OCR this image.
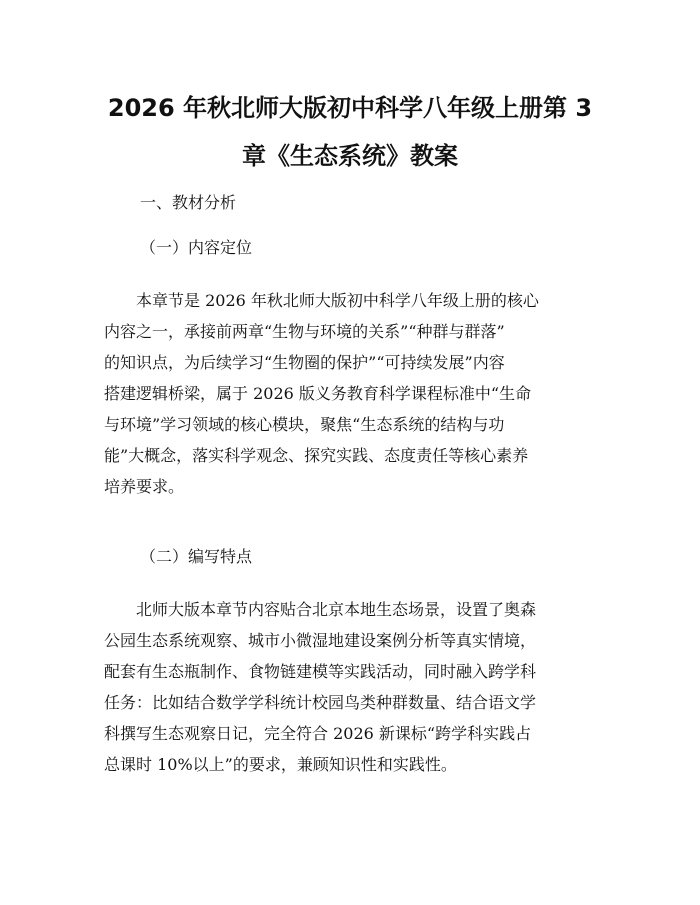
2026 年秋北师大版初中科学八年级上册第 3
章《生态系统》教案
一、教材分析
（一）内容定位
本章节是 2026 年秋北师大版初中科学八年级上册的核心
内容之一，承接前两章“生物与环境的关系”“种群与群落”
的知识点，为后续学习“生物圈的保护”“可持续发展”内容
搭建逻辑桥梁，属于 2026 版义务教育科学课程标准中“生命
与环境”学习领域的核心模块，聚焦“生态系统的结构与功
能”大概念，落实科学观念、探究实践、态度责任等核心素养
培养要求。
（二）编写特点
北师大版本章节内容贴合北京本地生态场景，设置了奥森
公园生态系统观察、城市小微湿地建设案例分析等真实情境，
配套有生态瓶制作、食物链建模等实践活动，同时融入跨学科
任务：比如结合数学学科统计校园鸟类种群数量、结合语文学
科撰写生态观察日记，完全符合 2026 新课标“跨学科实践占
总课时 10%以上”的要求，兼顾知识性和实践性。
